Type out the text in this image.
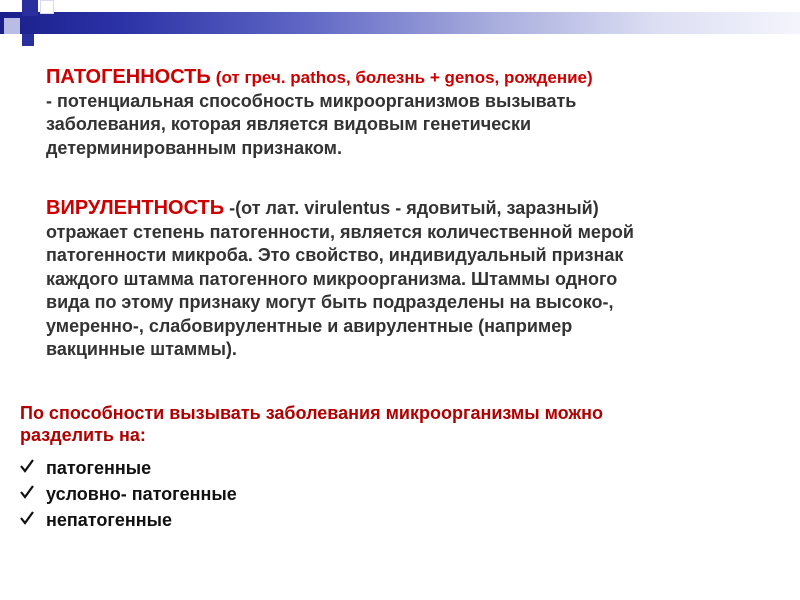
ПАТОГЕННОСТЬ (от греч. pathos, болезнь + genos, рождение)
- потенциальная способность микроорганизмов вызывать
заболевания, которая является видовым генетически
детерминированным признаком.
ВИРУЛЕНТНОСТЬ -(от лат. virulentus - ядовитый, заразный)
отражает степень патогенности, является количественной мерой
патогенности микроба. Это свойство, индивидуальный признак
каждого штамма патогенного микроорганизма. Штаммы одного
вида по этому признаку могут быть подразделены на высоко-,
умеренно-, слабовирулентные и авирулентные (например
вакцинные штаммы).
По способности вызывать заболевания микроорганизмы можно
разделить на:
патогенные
условно- патогенные
непатогенные
